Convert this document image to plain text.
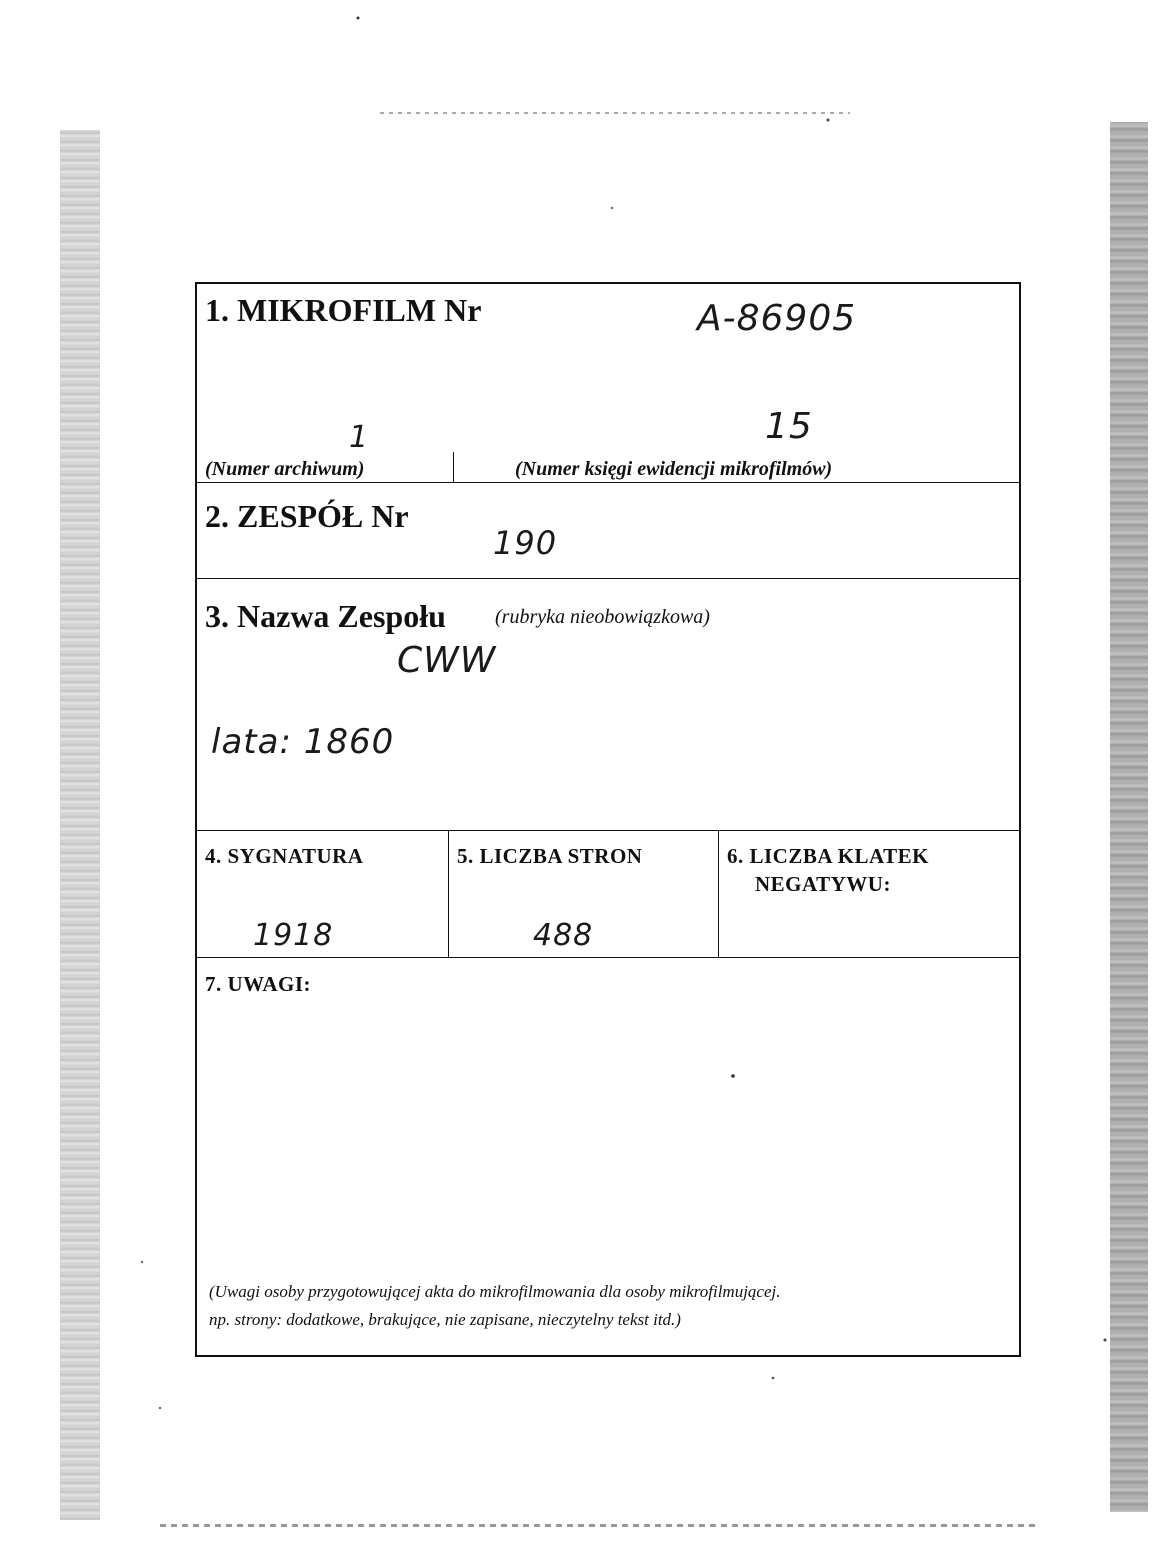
1. MIKROFILM Nr	A-86905
15
1
(Numer archiwum)	(Numer księgi ewidencji mikrofilmów)
2. ZESPÓŁ Nr
190
3. Nazwa Zespołu (rubryka nieobowiązkowa)
CWW
lata: 1860
4. SYGNATURA
1918
5. LICZBA STRON
488
6. LICZBA KLATEK
NEGATYWU:
7. UWAGI:
(Uwagi osoby przygotowującej akta do mikrofilmowania dla osoby mikrofilmującej.
np. strony: dodatkowe, brakujące, nie zapisane, nieczytelny tekst itd.)
